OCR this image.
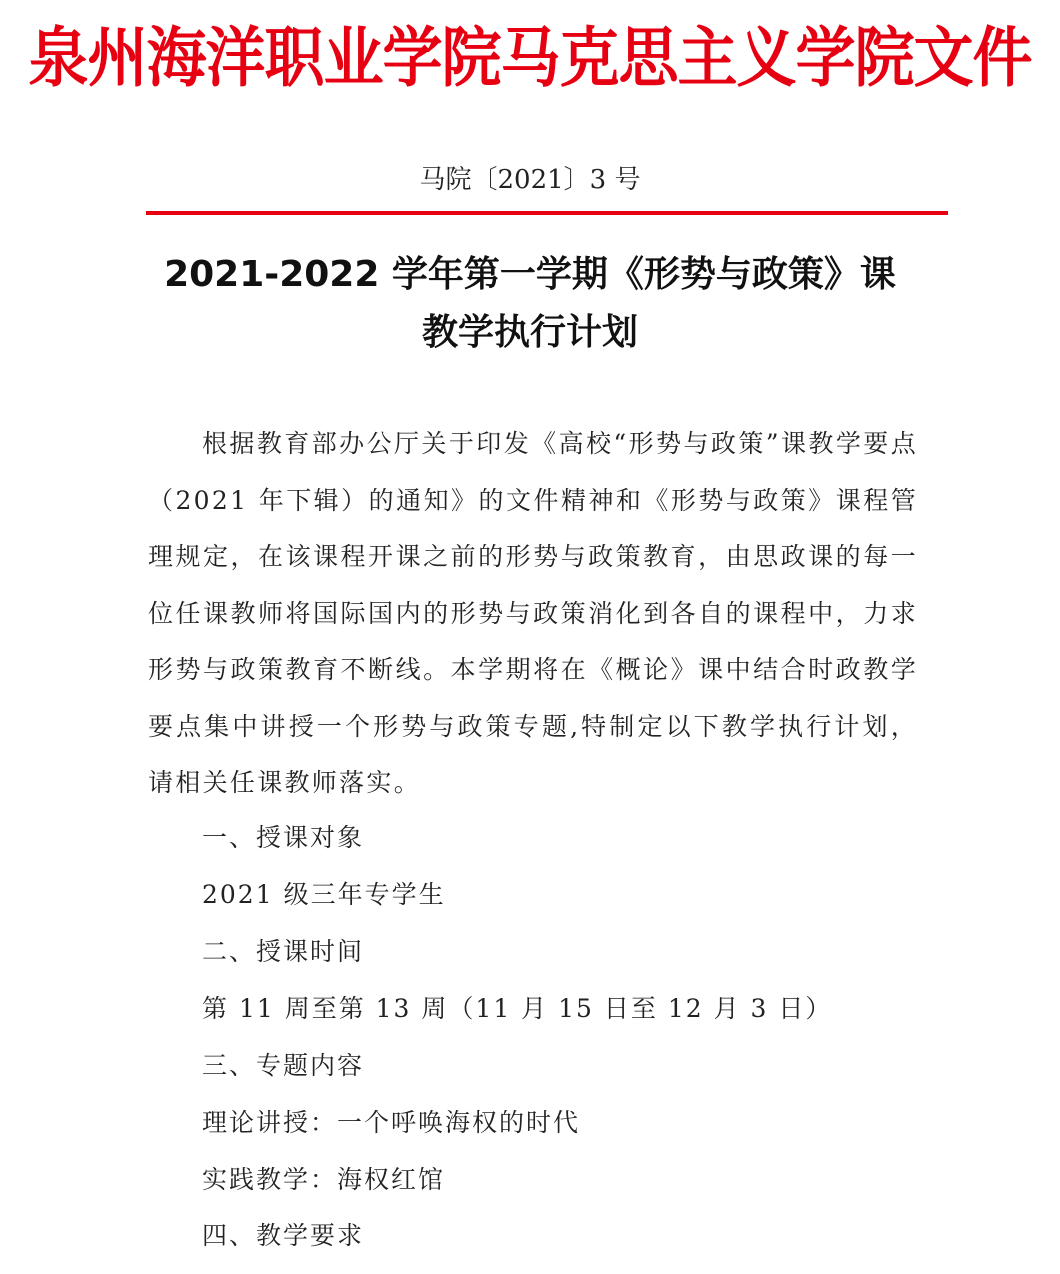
泉州海洋职业学院马克思主义学院文件
马院〔2021〕3 号
2021-2022 学年第一学期《形势与政策》课
教学执行计划
根据教育部办公厅关于印发《高校“形势与政策”课教学要点（2021 年下辑）的通知》的文件精神和《形势与政策》课程管理规定，在该课程开课之前的形势与政策教育，由思政课的每一位任课教师将国际国内的形势与政策消化到各自的课程中，力求形势与政策教育不断线。本学期将在《概论》课中结合时政教学要点集中讲授一个形势与政策专题,特制定以下教学执行计划，请相关任课教师落实。
一、授课对象
2021 级三年专学生
二、授课时间
第 11 周至第 13 周（11 月 15 日至 12 月 3 日）
三、专题内容
理论讲授：一个呼唤海权的时代
实践教学：海权红馆
四、教学要求
